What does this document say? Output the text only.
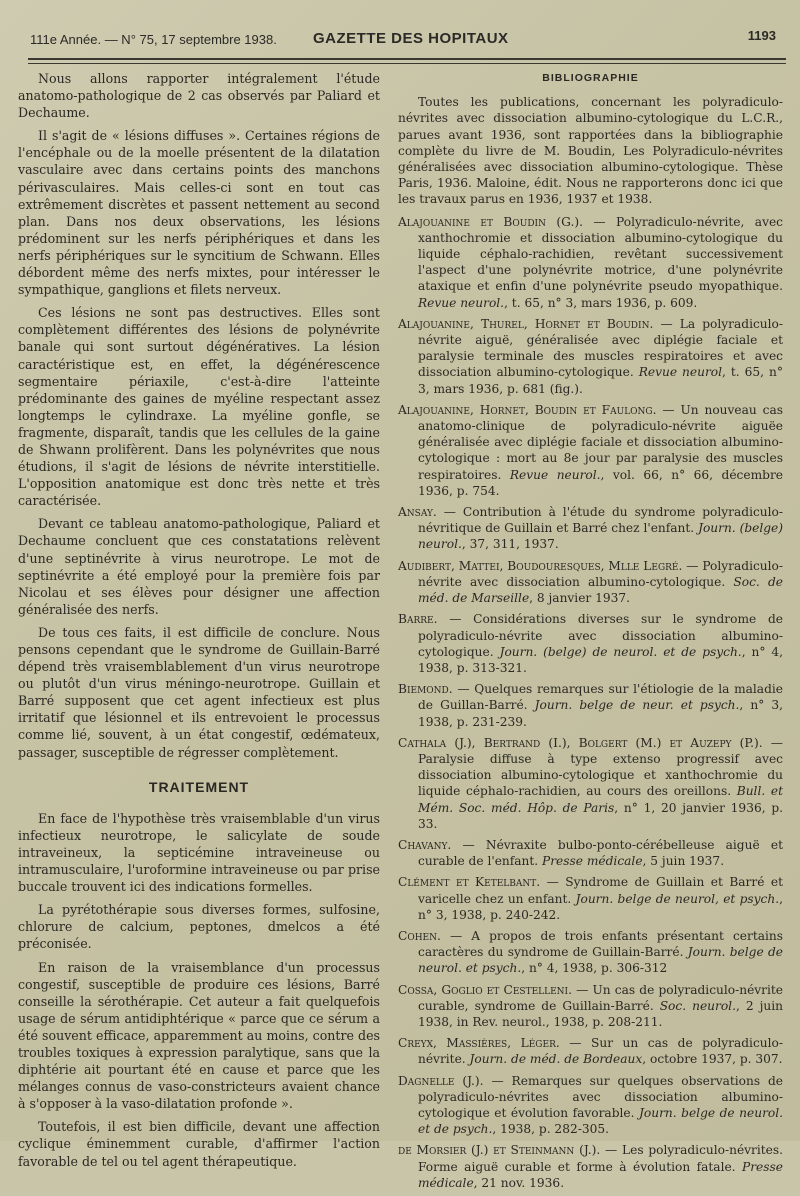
111e Année. — N° 75, 17 septembre 1938. GAZETTE DES HOPITAUX	1193

Nous allons rapporter intégralement l'étude anatomo-pathologique de 2 cas observés par Paliard et Dechaume.

Il s'agit de « lésions diffuses ». Certaines régions de l'encéphale ou de la moelle présentent de la dilatation vasculaire avec dans certains points des manchons périvasculaires. Mais celles-ci sont en tout cas extrêmement discrètes et passent nettement au second plan. Dans nos deux observations, les lésions prédominent sur les nerfs périphériques et dans les nerfs périphériques sur le syncitium de Schwann. Elles débordent même des nerfs mixtes, pour intéresser le sympathique, ganglions et filets nerveux.

Ces lésions ne sont pas destructives. Elles sont complètement différentes des lésions de polynévrite banale qui sont surtout dégénératives. La lésion caractéristique est, en effet, la dégénérescence segmentaire périaxile, c'est-à-dire l'atteinte prédominante des gaines de myéline respectant assez longtemps le cylindraxe. La myéline gonfle, se fragmente, disparaît, tandis que les cellules de la gaine de Shwann prolifèrent. Dans les polynévrites que nous étudions, il s'agit de lésions de névrite interstitielle. L'opposition anatomique est donc très nette et très caractérisée.

Devant ce tableau anatomo-pathologique, Paliard et Dechaume concluent que ces constatations relèvent d'une septinévrite à virus neurotrope. Le mot de septinévrite a été employé pour la première fois par Nicolau et ses élèves pour désigner une affection généralisée des nerfs.

De tous ces faits, il est difficile de conclure. Nous pensons cependant que le syndrome de Guillain-Barré dépend très vraisemblablement d'un virus neurotrope ou plutôt d'un virus méningo-neurotrope. Guillain et Barré supposent que cet agent infectieux est plus irritatif que lésionnel et ils entrevoient le processus comme lié, souvent, à un état congestif, œdémateux, passager, susceptible de régresser complètement.

TRAITEMENT

En face de l'hypothèse très vraisemblable d'un virus infectieux neurotrope, le salicylate de soude intraveineux, la septicémine intraveineuse ou intramusculaire, l'uroformine intraveineuse ou par prise buccale trouvent ici des indications formelles.

La pyrétothérapie sous diverses formes, sulfosine, chlorure de calcium, peptones, dmelcos a été préconisée.

En raison de la vraisemblance d'un processus congestif, susceptible de produire ces lésions, Barré conseille la sérothérapie. Cet auteur a fait quelquefois usage de sérum antidiphtérique « parce que ce sérum a été souvent efficace, apparemment au moins, contre des troubles toxiques à expression paralytique, sans que la diphtérie ait pourtant été en cause et parce que les mélanges connus de vaso-constricteurs avaient chance à s'opposer à la vaso-dilatation profonde ».

Toutefois, il est bien difficile, devant une affection cyclique éminemment curable, d'affirmer l'action favorable de tel ou tel agent thérapeutique.

BIBLIOGRAPHIE

Toutes les publications, concernant les polyradiculo-névrites avec dissociation albumino-cytologique du L.C.R., parues avant 1936, sont rapportées dans la bibliographie complète du livre de M. Boudin, Les Polyradiculo-névrites généralisées avec dissociation albumino-cytologique. Thèse Paris, 1936. Maloine, édit. Nous ne rapporterons donc ici que les travaux parus en 1936, 1937 et 1938.

Alajouanine et Boudin (G.). — Polyradiculo-névrite, avec xanthochromie et dissociation albumino-cytologique du liquide céphalo-rachidien, revêtant successivement l'aspect d'une polynévrite motrice, d'une polynévrite ataxique et enfin d'une polynévrite pseudo myopathique. Revue neurol., t. 65, n° 3, mars 1936, p. 609.

Alajouanine, Thurel, Hornet et Boudin. — La polyradiculo-névrite aiguë, généralisée avec diplégie faciale et paralysie terminale des muscles respiratoires et avec dissociation albumino-cytologique. Revue neurol, t. 65, n° 3, mars 1936, p. 681 (fig.).

Alajouanine, Hornet, Boudin et Faulong. — Un nouveau cas anatomo-clinique de polyradiculo-névrite aiguëe généralisée avec diplégie faciale et dissociation albumino-cytologique : mort au 8e jour par paralysie des muscles respiratoires. Revue neurol., vol. 66, n° 66, décembre 1936, p. 754.

Ansay. — Contribution à l'étude du syndrome polyradiculo-névritique de Guillain et Barré chez l'enfant. Journ. (belge) neurol., 37, 311, 1937.

Audibert, Mattei, Boudouresques, Mlle Legré. — Polyradiculo-névrite avec dissociation albumino-cytologique. Soc. de méd. de Marseille, 8 janvier 1937.

Barre. — Considérations diverses sur le syndrome de polyradiculo-névrite avec dissociation albumino-cytologique. Journ. (belge) de neurol. et de psych., n° 4, 1938, p. 313-321.

Biemond. — Quelques remarques sur l'étiologie de la maladie de Guillan-Barré. Journ. belge de neur. et psych., n° 3, 1938, p. 231-239.

Cathala (J.), Bertrand (I.), Bolgert (M.) et Auzepy (P.). — Paralysie diffuse à type extenso progressif avec dissociation albumino-cytologique et xanthochromie du liquide céphalo-rachidien, au cours des oreillons. Bull. et Mém. Soc. méd. Hôp. de Paris, n° 1, 20 janvier 1936, p. 33.

Chavany. — Névraxite bulbo-ponto-cérébelleuse aiguë et curable de l'enfant. Presse médicale, 5 juin 1937.

Clément et Ketelbant. — Syndrome de Guillain et Barré et varicelle chez un enfant. Journ. belge de neurol, et psych., n° 3, 1938, p. 240-242.

Cohen. — A propos de trois enfants présentant certains caractères du syndrome de Guillain-Barré. Journ. belge de neurol. et psych., n° 4, 1938, p. 306-312

Cossa, Goglio et Cestelleni. — Un cas de polyradiculo-névrite curable, syndrome de Guillain-Barré. Soc. neurol., 2 juin 1938, in Rev. neurol., 1938, p. 208-211.

Creyx, Massières, Léger. — Sur un cas de polyradiculo-névrite. Journ. de méd. de Bordeaux, octobre 1937, p. 307.

Dagnelle (J.). — Remarques sur quelques observations de polyradiculo-névrites avec dissociation albumino-cytologique et évolution favorable. Journ. belge de neurol. et de psych., 1938, p. 282-305.

de Morsier (J.) et Steinmann (J.). — Les polyradiculo-névrites. Forme aiguë curable et forme à évolution fatale. Presse médicale, 21 nov. 1936.
